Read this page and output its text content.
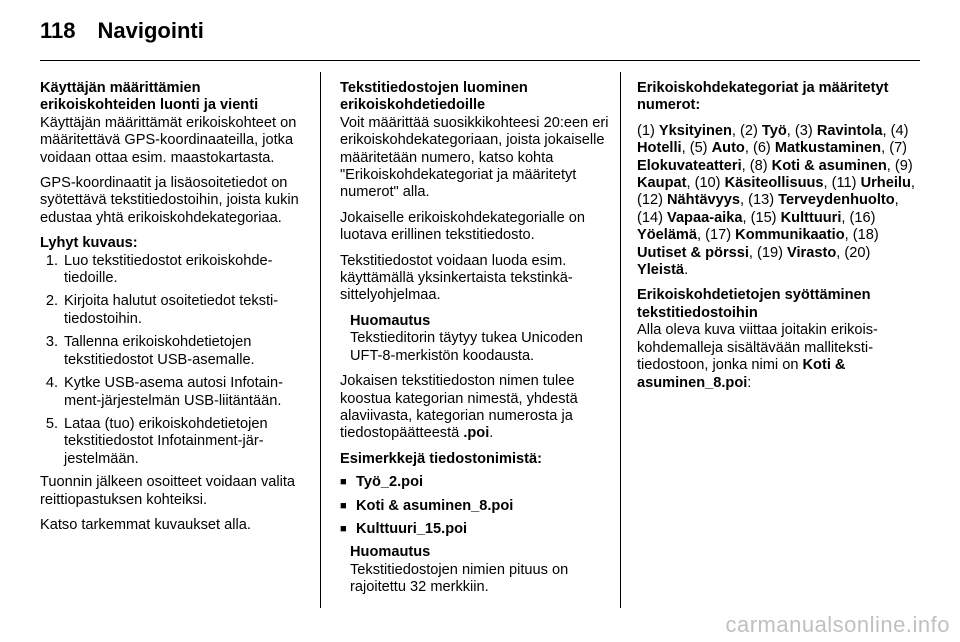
118 Navigointi

Käyttäjän määrittämien erikoiskohteiden luonti ja vienti

Käyttäjän määrittämät erikoiskohteet on määritettävä GPS-koordinaateilla, jotka voidaan ottaa esim. maastokartasta.

GPS-koordinaatit ja lisäosoitetiedot on syötettävä tekstitiedostoihin, joista kukin edustaa yhtä erikoiskohdekategoriaa.

Lyhyt kuvaus:

1. Luo tekstitiedostot erikoiskohdetiedoille.
2. Kirjoita halutut osoitetiedot tekstitiedostoihin.
3. Tallenna erikoiskohdetietojen tekstitiedostot USB-asemalle.
4. Kytke USB-asema autosi Infotainment-järjestelmän USB-liitäntään.
5. Lataa (tuo) erikoiskohdetietojen tekstitiedostot Infotainment-järjestelmään.

Tuonnin jälkeen osoitteet voidaan valita reittiopastuksen kohteiksi.

Katso tarkemmat kuvaukset alla.

Tekstitiedostojen luominen erikoiskohdetiedoille

Voit määrittää suosikkikohteesi 20:een eri erikoiskohdekategoriaan, joista jokaiselle määritetään numero, katso kohta "Erikoiskohdekategoriat ja määritetyt numerot" alla.

Jokaiselle erikoiskohdekategorialle on luotava erillinen tekstitiedosto.

Tekstitiedostot voidaan luoda esim. käyttämällä yksinkertaista tekstinkäsittelyohjelmaa.

Huomautus
Tekstieditorin täytyy tukea Unicoden UFT-8-merkistön koodausta.

Jokaisen tekstitiedoston nimen tulee koostua kategorian nimestä, yhdestä alaviivasta, kategorian numerosta ja tiedostopäätteestä .poi.

Esimerkkejä tiedostonimistä:

■ Työ_2.poi
■ Koti & asuminen_8.poi
■ Kulttuuri_15.poi
Huomautus
Tekstitiedostojen nimien pituus on rajoitettu 32 merkkiin.

Erikoiskohdekategoriat ja määritetyt numerot:

(1) Yksityinen, (2) Työ, (3) Ravintola, (4) Hotelli, (5) Auto, (6) Matkustaminen, (7) Elokuvateatteri, (8) Koti & asuminen, (9) Kaupat, (10) Käsiteollisuus, (11) Urheilu, (12) Nähtävyys, (13) Terveydenhuolto, (14) Vapaa-aika, (15) Kulttuuri, (16) Yöelämä, (17) Kommunikaatio, (18) Uutiset & pörssi, (19) Virasto, (20) Yleistä.

Erikoiskohdetietojen syöttäminen tekstitiedostoihin

Alla oleva kuva viittaa joitakin erikoiskohdemalleja sisältävään mallitekstitiedostoon, jonka nimi on Koti & asuminen_8.poi:

carmanualsonline.info
